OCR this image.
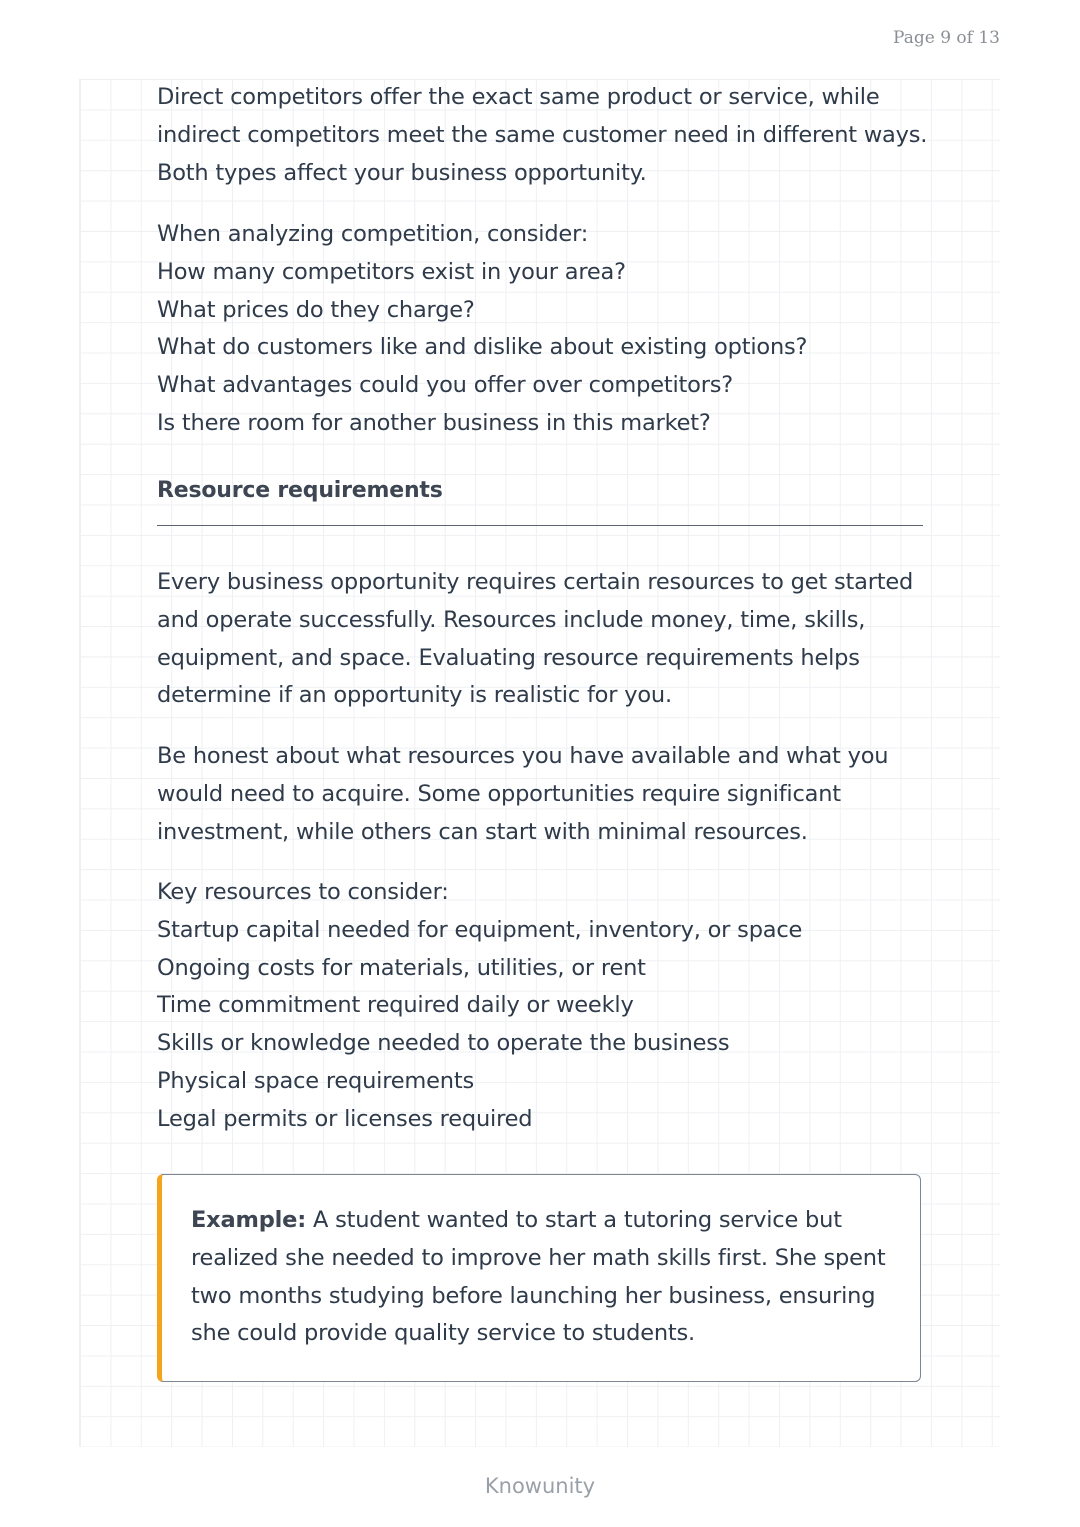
Page 9 of 13

Direct competitors offer the exact same product or service, while
indirect competitors meet the same customer need in different ways.
Both types affect your business opportunity.

When analyzing competition, consider:
How many competitors exist in your area?
What prices do they charge?
What do customers like and dislike about existing options?
What advantages could you offer over competitors?
Is there room for another business in this market?

Resource requirements

Every business opportunity requires certain resources to get started
and operate successfully. Resources include money, time, skills,
equipment, and space. Evaluating resource requirements helps
determine if an opportunity is realistic for you.

Be honest about what resources you have available and what you
would need to acquire. Some opportunities require significant
investment, while others can start with minimal resources.

Key resources to consider:
Startup capital needed for equipment, inventory, or space
Ongoing costs for materials, utilities, or rent
Time commitment required daily or weekly
Skills or knowledge needed to operate the business
Physical space requirements
Legal permits or licenses required

Example: A student wanted to start a tutoring service but
realized she needed to improve her math skills first. She spent
two months studying before launching her business, ensuring
she could provide quality service to students.
Knowunity
